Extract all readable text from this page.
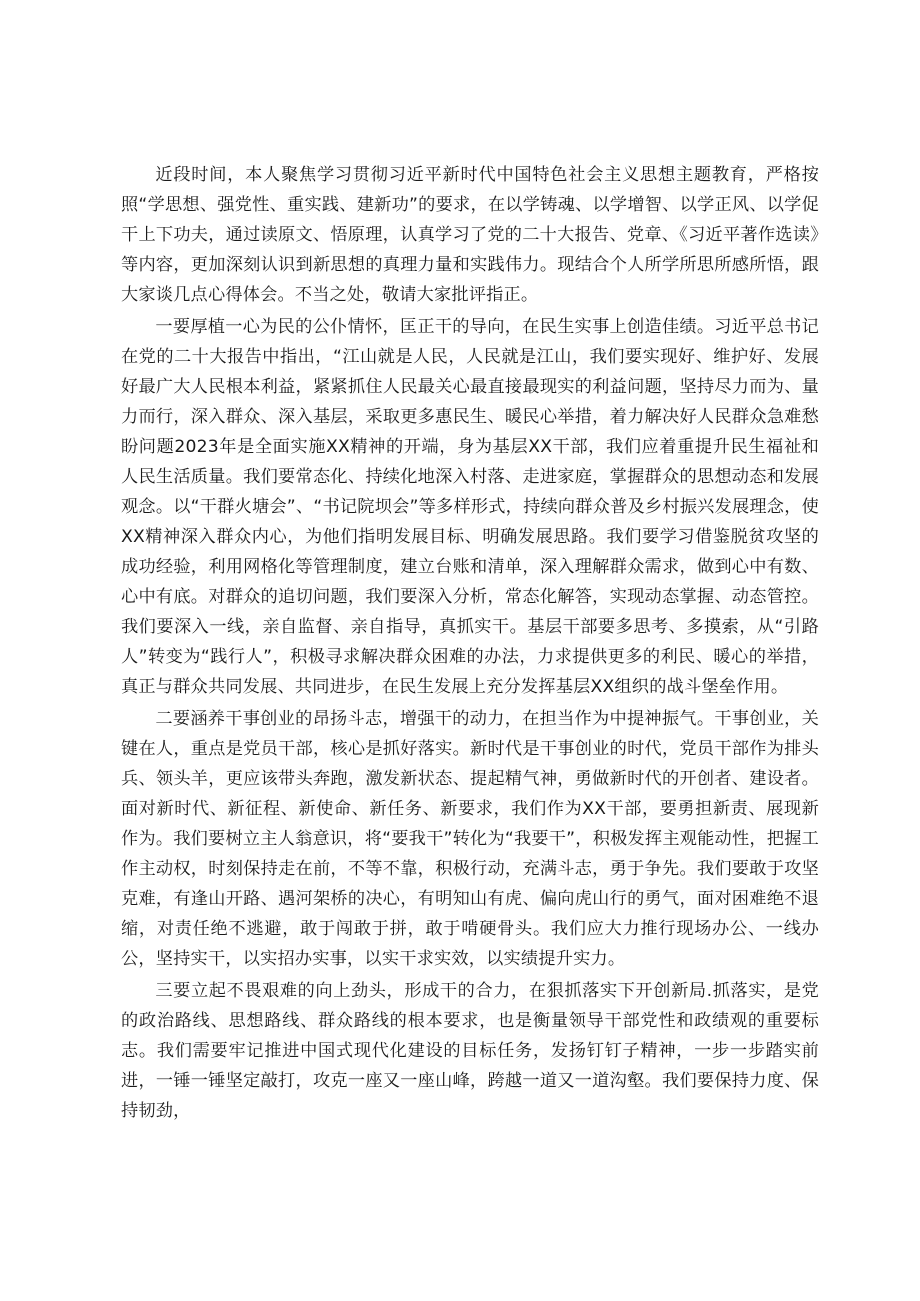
近段时间，本人聚焦学习贯彻习近平新时代中国特色社会主义思想主题教育，严格按照“学思想、强党性、重实践、建新功”的要求，在以学铸魂、以学增智、以学正风、以学促干上下功夫，通过读原文、悟原理，认真学习了党的二十大报告、党章、《习近平著作选读》等内容，更加深刻认识到新思想的真理力量和实践伟力。现结合个人所学所思所感所悟，跟大家谈几点心得体会。不当之处，敬请大家批评指正。

一要厚植一心为民的公仆情怀，匡正干的导向，在民生实事上创造佳绩。习近平总书记在党的二十大报告中指出，“江山就是人民，人民就是江山，我们要实现好、维护好、发展好最广大人民根本利益，紧紧抓住人民最关心最直接最现实的利益问题，坚持尽力而为、量力而行，深入群众、深入基层，采取更多惠民生、暖民心举措，着力解决好人民群众急难愁盼问题2023年是全面实施XX精神的开端，身为基层XX干部，我们应着重提升民生福祉和人民生活质量。我们要常态化、持续化地深入村落、走进家庭，掌握群众的思想动态和发展观念。以“干群火塘会”、“书记院坝会”等多样形式，持续向群众普及乡村振兴发展理念，使XX精神深入群众内心，为他们指明发展目标、明确发展思路。我们要学习借鉴脱贫攻坚的成功经验，利用网格化等管理制度，建立台账和清单，深入理解群众需求，做到心中有数、心中有底。对群众的追切问题，我们要深入分析，常态化解答，实现动态掌握、动态管控。我们要深入一线，亲自监督、亲自指导，真抓实干。基层干部要多思考、多摸索，从“引路人”转变为“践行人”，积极寻求解决群众困难的办法，力求提供更多的利民、暖心的举措，真正与群众共同发展、共同进步，在民生发展上充分发挥基层XX组织的战斗堡垒作用。

二要涵养干事创业的昂扬斗志，增强干的动力，在担当作为中提神振气。干事创业，关键在人，重点是党员干部，核心是抓好落实。新时代是干事创业的时代，党员干部作为排头兵、领头羊，更应该带头奔跑，激发新状态、提起精气神，勇做新时代的开创者、建设者。面对新时代、新征程、新使命、新任务、新要求，我们作为XX干部，要勇担新责、展现新作为。我们要树立主人翁意识，将“要我干”转化为“我要干”，积极发挥主观能动性，把握工作主动权，时刻保持走在前，不等不靠，积极行动，充满斗志，勇于争先。我们要敢于攻坚克难，有逢山开路、遇河架桥的决心，有明知山有虎、偏向虎山行的勇气，面对困难绝不退缩，对责任绝不逃避，敢于闯敢于拼，敢于啃硬骨头。我们应大力推行现场办公、一线办公，坚持实干，以实招办实事，以实干求实效，以实绩提升实力。

三要立起不畏艰难的向上劲头，形成干的合力，在狠抓落实下开创新局.抓落实，是党的政治路线、思想路线、群众路线的根本要求，也是衡量领导干部党性和政绩观的重要标志。我们需要牢记推进中国式现代化建设的目标任务，发扬钉钉子精神，一步一步踏实前进，一锤一锤坚定敲打，攻克一座又一座山峰，跨越一道又一道沟壑。我们要保持力度、保持韧劲，
